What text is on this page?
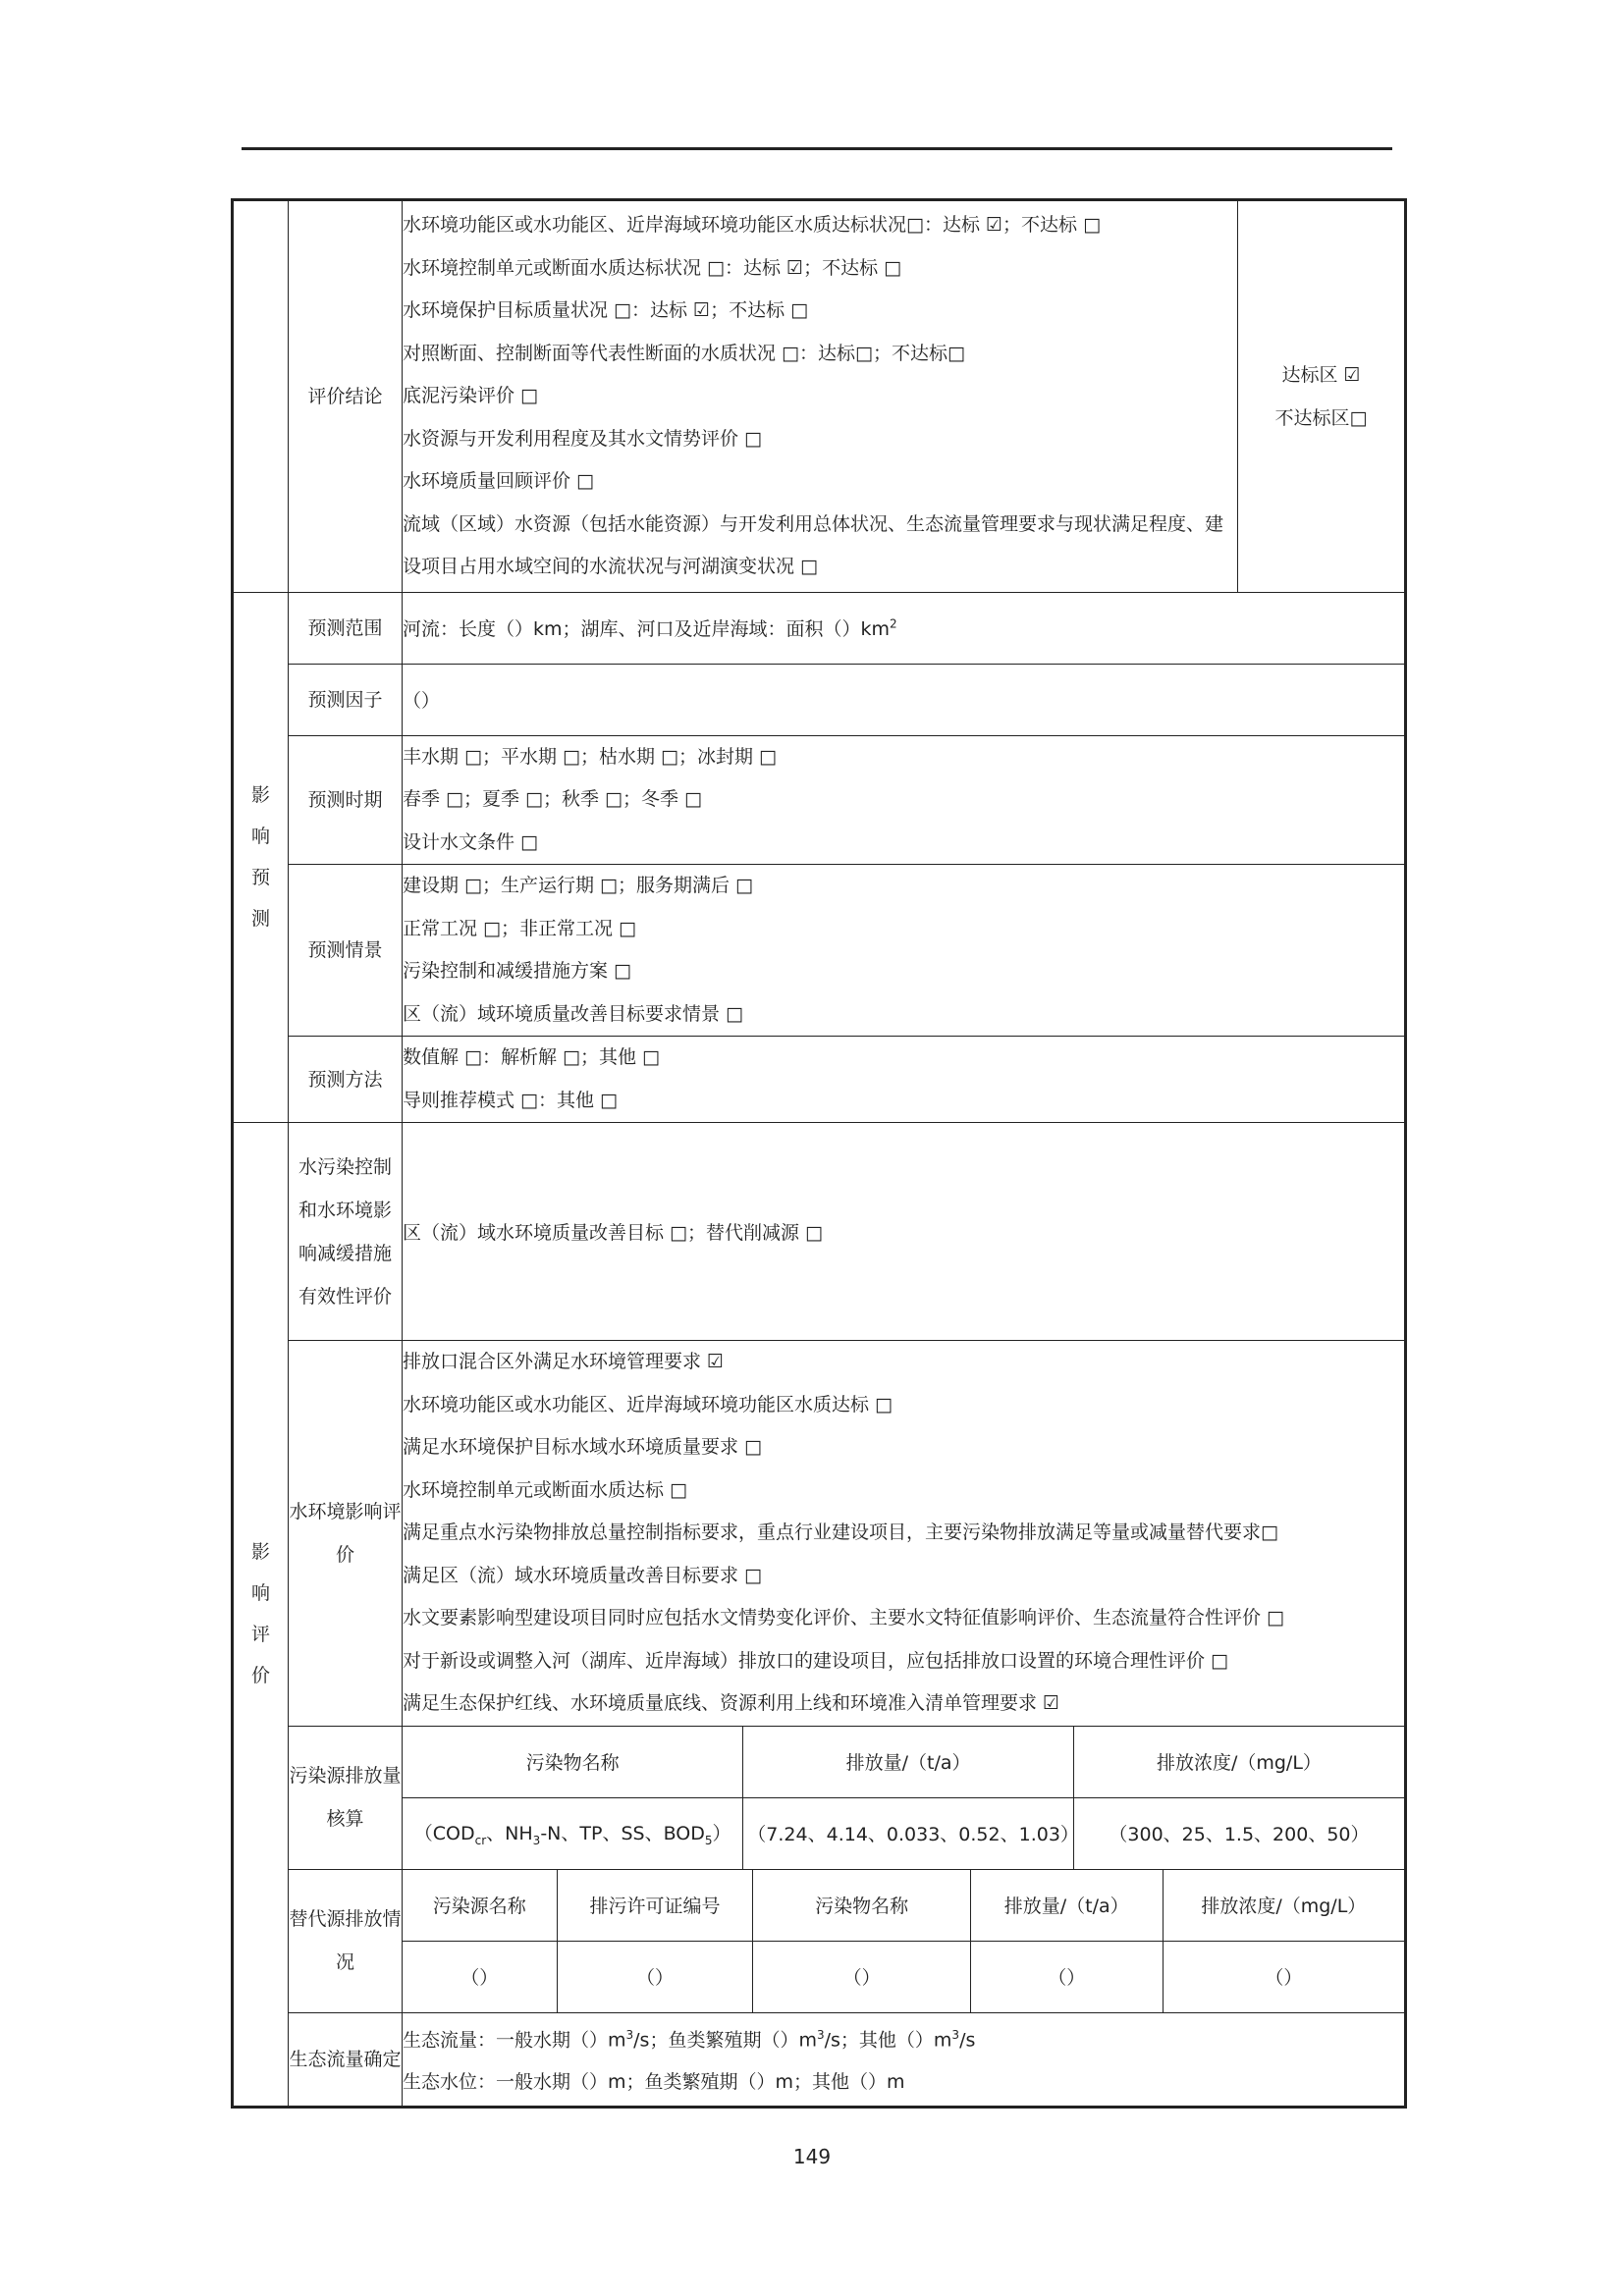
	评价结论	
水环境功能区或水功能区、近岸海域环境功能区水质达标状况□：达标 ☑；不达标 □
水环境控制单元或断面水质达标状况 □：达标 ☑；不达标 □
水环境保护目标质量状况 □：达标 ☑；不达标 □
对照断面、控制断面等代表性断面的水质状况 □：达标□；不达标□
底泥污染评价 □
水资源与开发利用程度及其水文情势评价 □
水环境质量回顾评价 □
流域（区域）水资源（包括水能资源）与开发利用总体状况、生态流量管理要求与现状满足程度、建设项目占用水域空间的水流状况与河湖演变状况 □

达标区 ☑
不达标区□

影
响
预
测
	预测范围	河流：长度（）km；湖库、河口及近岸海域：面积$()km^2$
预测因子	（）
预测时期	
丰水期 □；平水期 □；枯水期 □；冰封期 □
春季 □；夏季 □；秋季 □；冬季 □
设计水文条件 □

预测情景	
建设期 □；生产运行期 □；服务期满后 □
正常工况 □；非正常工况 □
污染控制和减缓措施方案 □
区（流）域环境质量改善目标要求情景 □

预测方法	
数值解 □：解析解 □；其他 □
导则推荐模式 □：其他 □

影
响
评
价
	水污染控制和水环境影响减缓措施有效性评价	区（流）域水环境质量改善目标 □；替代削减源 □
水环境影响评价	
排放口混合区外满足水环境管理要求 ☑
水环境功能区或水功能区、近岸海域环境功能区水质达标 □
满足水环境保护目标水域水环境质量要求 □
水环境控制单元或断面水质达标 □
满足重点水污染物排放总量控制指标要求，重点行业建设项目，主要污染物排放满足等量或减量替代要求□
满足区（流）域水环境质量改善目标要求 □
水文要素影响型建设项目同时应包括水文情势变化评价、主要水文特征值影响评价、生态流量符合性评价 □
对于新设或调整入河（湖库、近岸海域）排放口的建设项目，应包括排放口设置的环境合理性评价 □
满足生态保护红线、水环境质量底线、资源利用上线和环境准入清单管理要求 ☑

污染源排放量核算	
污染物名称	排放量/（t/a）	排放浓度/（mg/L）
（$COD_{cr}$、$NH_3-N$、TP、SS、$BOD_5$）	（7.24、4.14、0.033、0.52、1.03）	（300、25、1.5、200、50）

替代源排放情况	
污染源名称	排污许可证编号	污染物名称	排放量/（t/a）	排放浓度/（mg/L）
（）	（）	（）	（）	（）

生态流量确定	
生态流量：一般水期$()m^3/s$；鱼类繁殖期$()m^3/s$；其他$()m^3/s$
生态水位：一般水期（）m；鱼类繁殖期（）m；其他（）m
149
